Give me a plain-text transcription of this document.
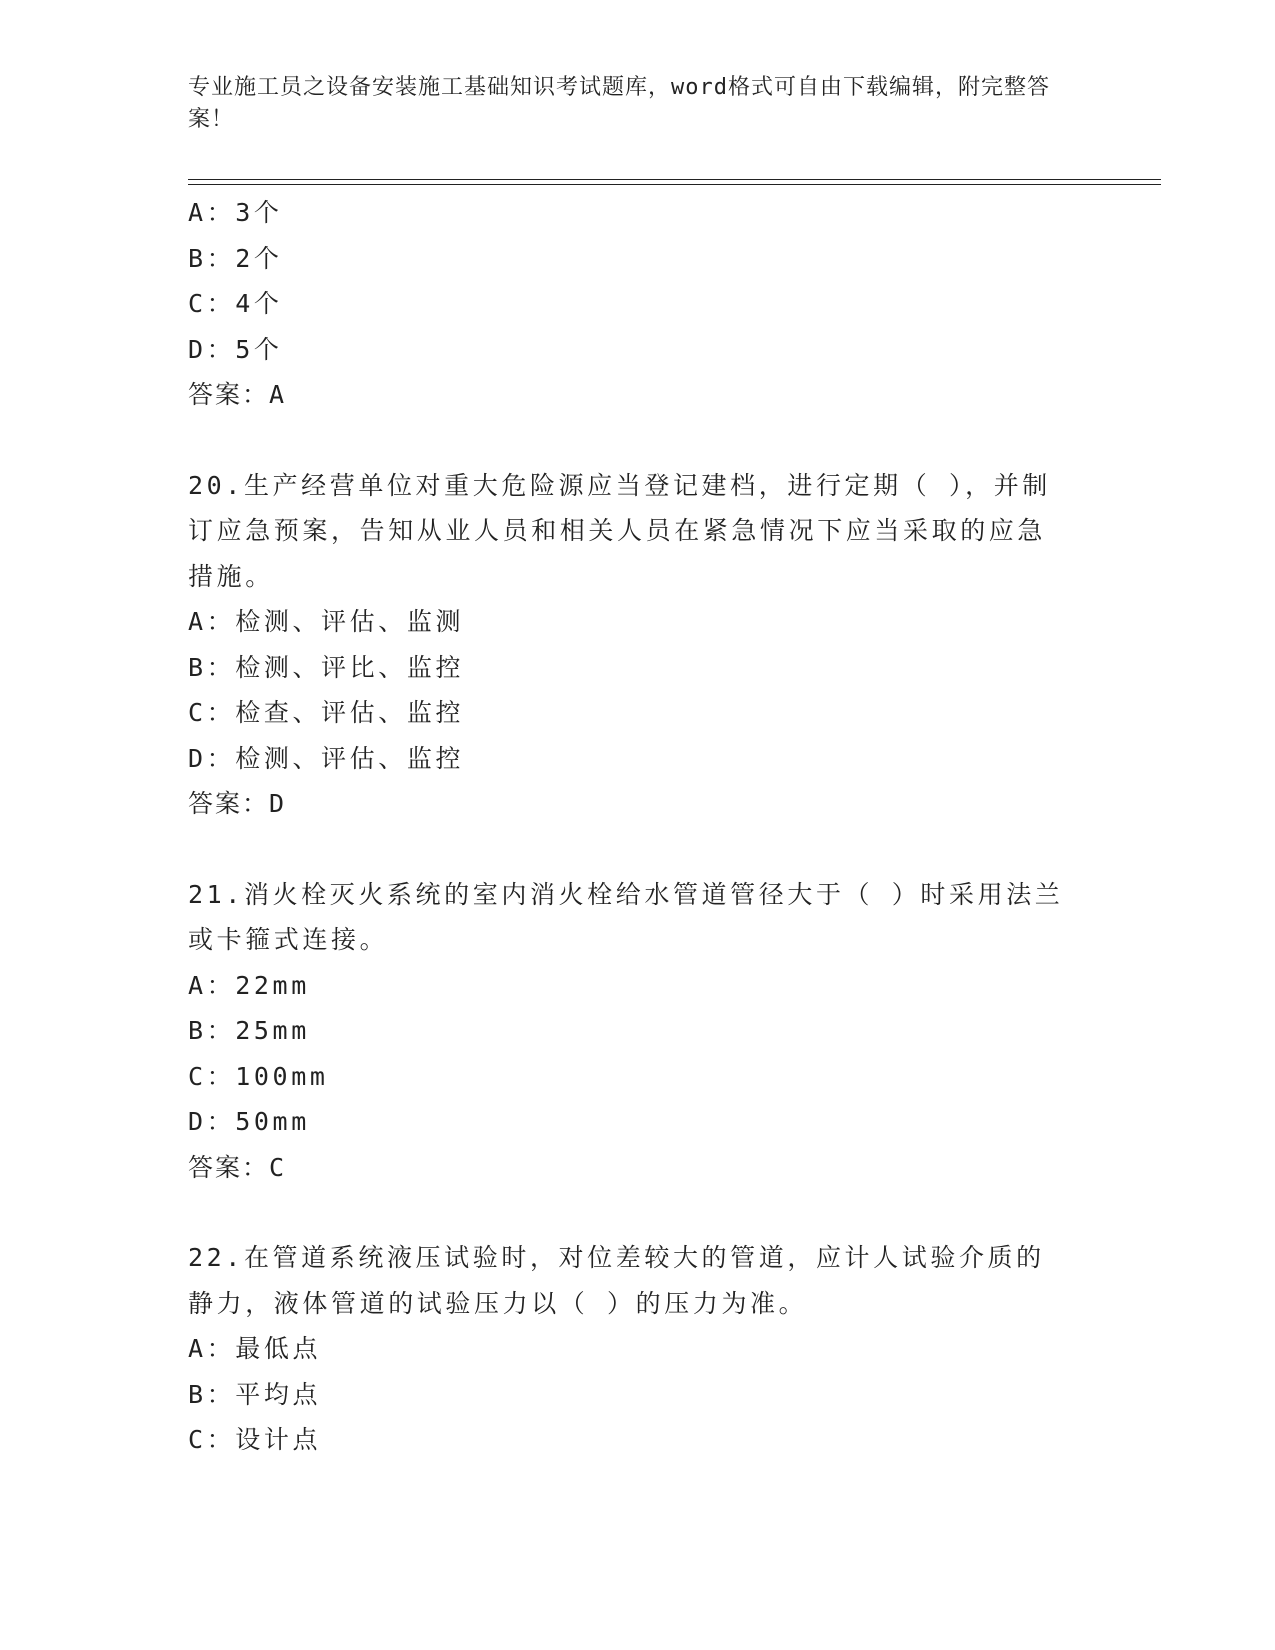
专业施工员之设备安装施工基础知识考试题库，word格式可自由下载编辑，附完整答案！
A：3个
B：2个
C：4个
D：5个
答案：A
20.生产经营单位对重大危险源应当登记建档，进行定期（ ），并制订应急预案，告知从业人员和相关人员在紧急情况下应当采取的应急措施。
A：检测、评估、监测
B：检测、评比、监控
C：检查、评估、监控
D：检测、评估、监控
答案：D
21.消火栓灭火系统的室内消火栓给水管道管径大于（ ）时采用法兰或卡箍式连接。
A：22mm
B：25mm
C：100mm
D：50mm
答案：C
22.在管道系统液压试验时，对位差较大的管道，应计人试验介质的静力，液体管道的试验压力以（ ）的压力为准。
A：最低点
B：平均点
C：设计点
